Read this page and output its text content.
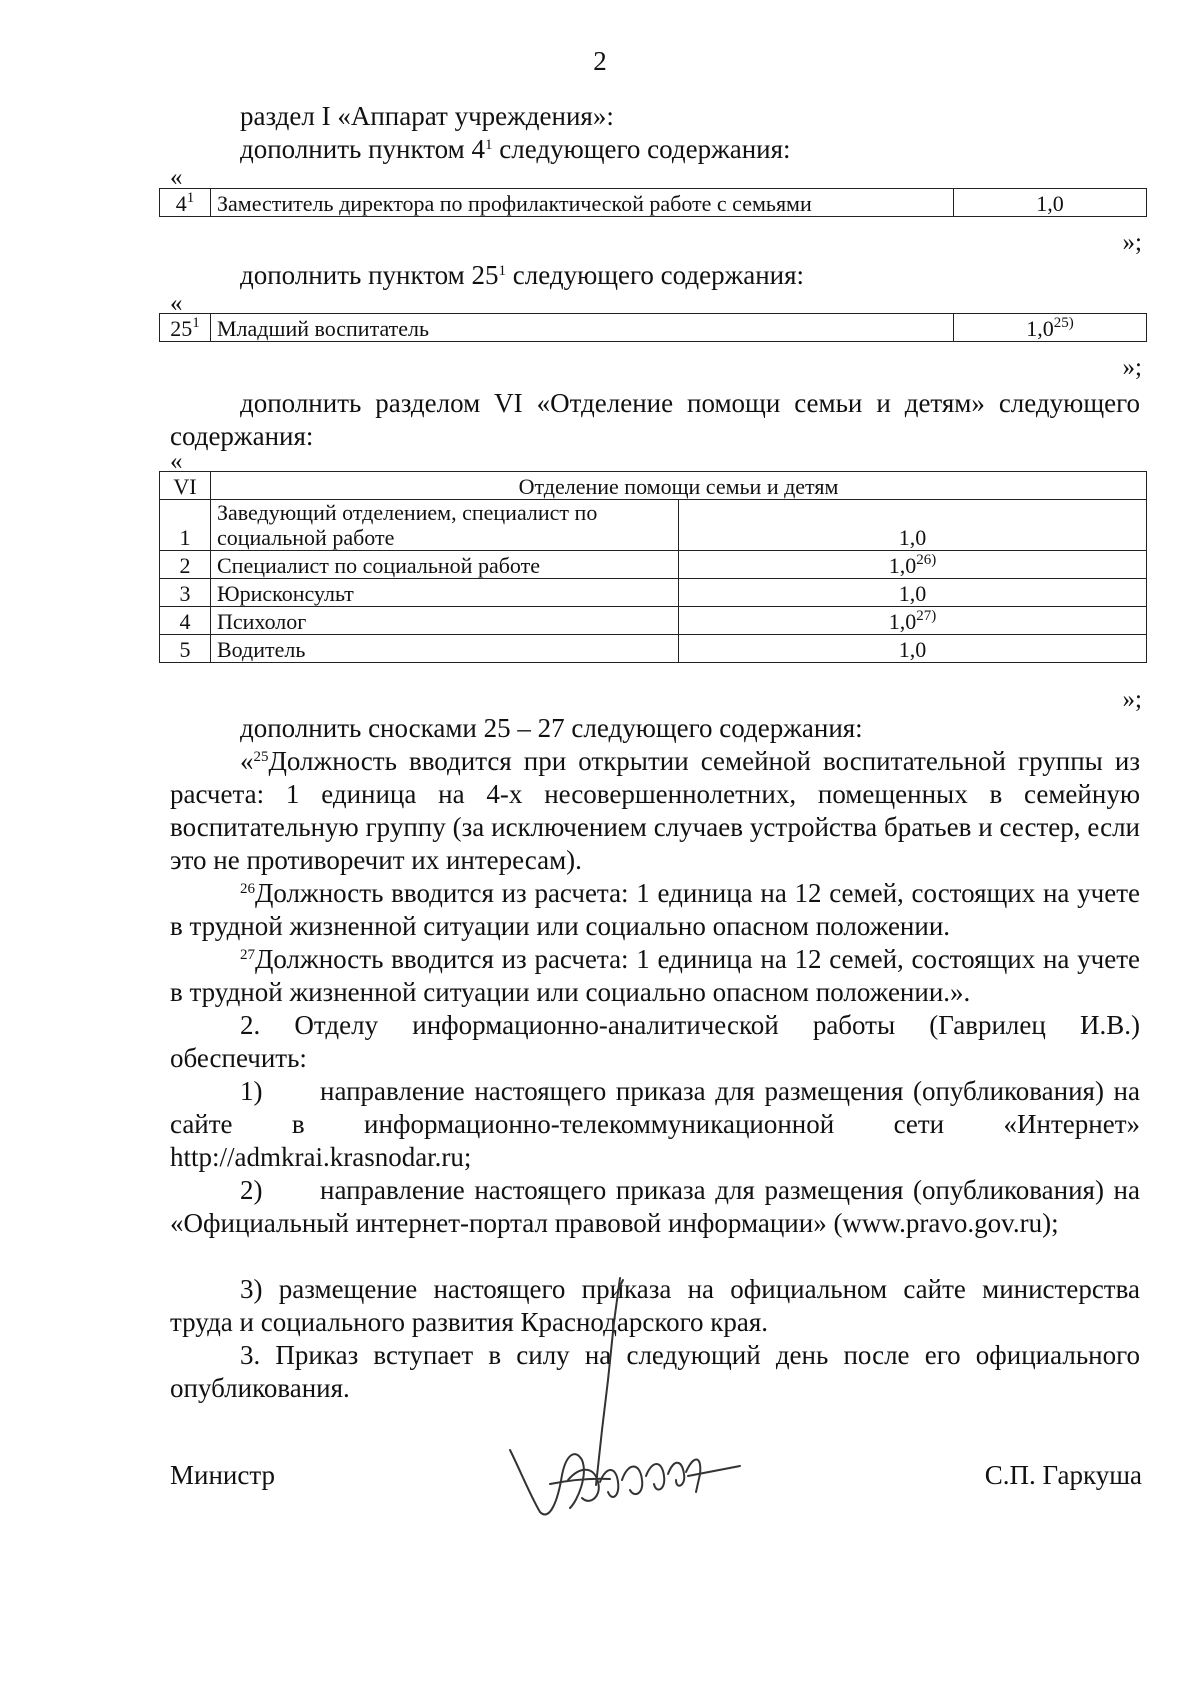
2
раздел I «Аппарат учреждения»:
дополнить пунктом $4^1$ следующего содержания:
«
$4^1$	Заместитель директора по профилактической работе с семьями	1,0
»;
дополнить пунктом $25^1$ следующего содержания:
«
$25^1$	Младший воспитатель	1,0$^{25)}$
»;
дополнить разделом VI «Отделение помощи семьи и детям» следующего содержания:
«
VI	Отделение помощи семьи и детям	
1	Заведующий отделением, специалист по социальной работе	1,0
2	Специалист по социальной работе	1,0$^{26)}$
3	Юрисконсульт	1,0
4	Психолог	1,0$^{27)}$
5	Водитель	1,0
»;
дополнить сносками 25 – 27 следующего содержания:
«$^{25}$Должность вводится при открытии семейной воспитательной группы из расчета: 1 единица на 4-х несовершеннолетних, помещенных в семейную воспитательную группу (за исключением случаев устройства братьев и сестер, если это не противоречит их интересам).
$^{26}$Должность вводится из расчета: 1 единица на 12 семей, состоящих на учете в трудной жизненной ситуации или социально опасном положении.
$^{27}$Должность вводится из расчета: 1 единица на 12 семей, состоящих на учете в трудной жизненной ситуации или социально опасном положении.».
2. Отделу информационно-аналитической работы (Гаврилец И.В.) обеспечить:
1)      направление настоящего приказа для размещения (опубликования) на сайте в информационно-телекоммуникационной сети «Интернет» http://admkrai.krasnodar.ru;
2)      направление настоящего приказа для размещения (опубликования) на «Официальный интернет-портал правовой информации» (www.pravo.gov.ru);
3) размещение настоящего приказа на официальном сайте министерства труда и социального развития Краснодарского края.
3. Приказ вступает в силу на следующий день после его официального опубликования.
Министр	С.П. Гаркуша
